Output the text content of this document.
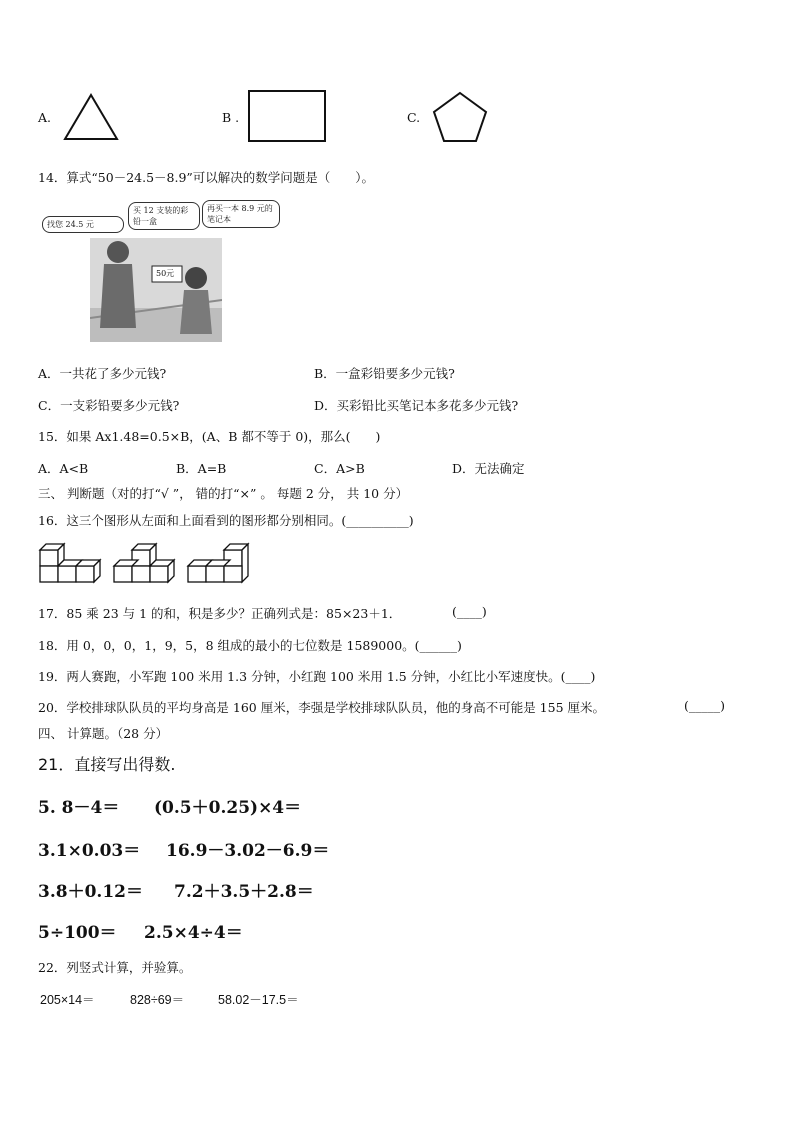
A.	B .	C.
14．算式“50－24.5－8.9”可以解决的数学问题是（　　）。
找您 24.5 元
买 12 支装的彩铅一盒
再买一本 8.9 元的笔记本
50元
A．一共花了多少元钱?	B．一盒彩铅要多少元钱?
C．一支彩铅要多少元钱?	D．买彩铅比买笔记本多花多少元钱?
15．如果 Ax1.48=0.5×B，(A、B 都不等于 0)，那么(　　)
A．A<B	B．A=B	C．A>B	D．无法确定
三、 判断题（对的打“√ ”， 错的打“×” 。 每题 2 分， 共 10 分）
16．这三个图形从左面和上面看到的图形都分别相同。(__________)
17．85 乘 23 与 1 的和，积是多少？正确列式是：85×23＋1．	(____)
18．用 0，0，0，1，9，5，8 组成的最小的七位数是 1589000。(______)
19．两人赛跑，小军跑 100 米用 1.3 分钟，小红跑 100 米用 1.5 分钟，小红比小军速度快。(____)
20．学校排球队队员的平均身高是 160 厘米，李强是学校排球队队员，他的身高不可能是 155 厘米。	(_____)
四、 计算题。（28 分）
21．直接写出得数.
5. 8－4＝ (0.5＋0.25)×4＝
3.1×0.03＝ 16.9－3.02－6.9＝
3.8＋0.12＝ 7.2＋3.5＋2.8＝
5÷100＝ 2.5×4÷4＝
22．列竖式计算，并验算。
205×14＝	828÷69＝	58.02－17.5＝
